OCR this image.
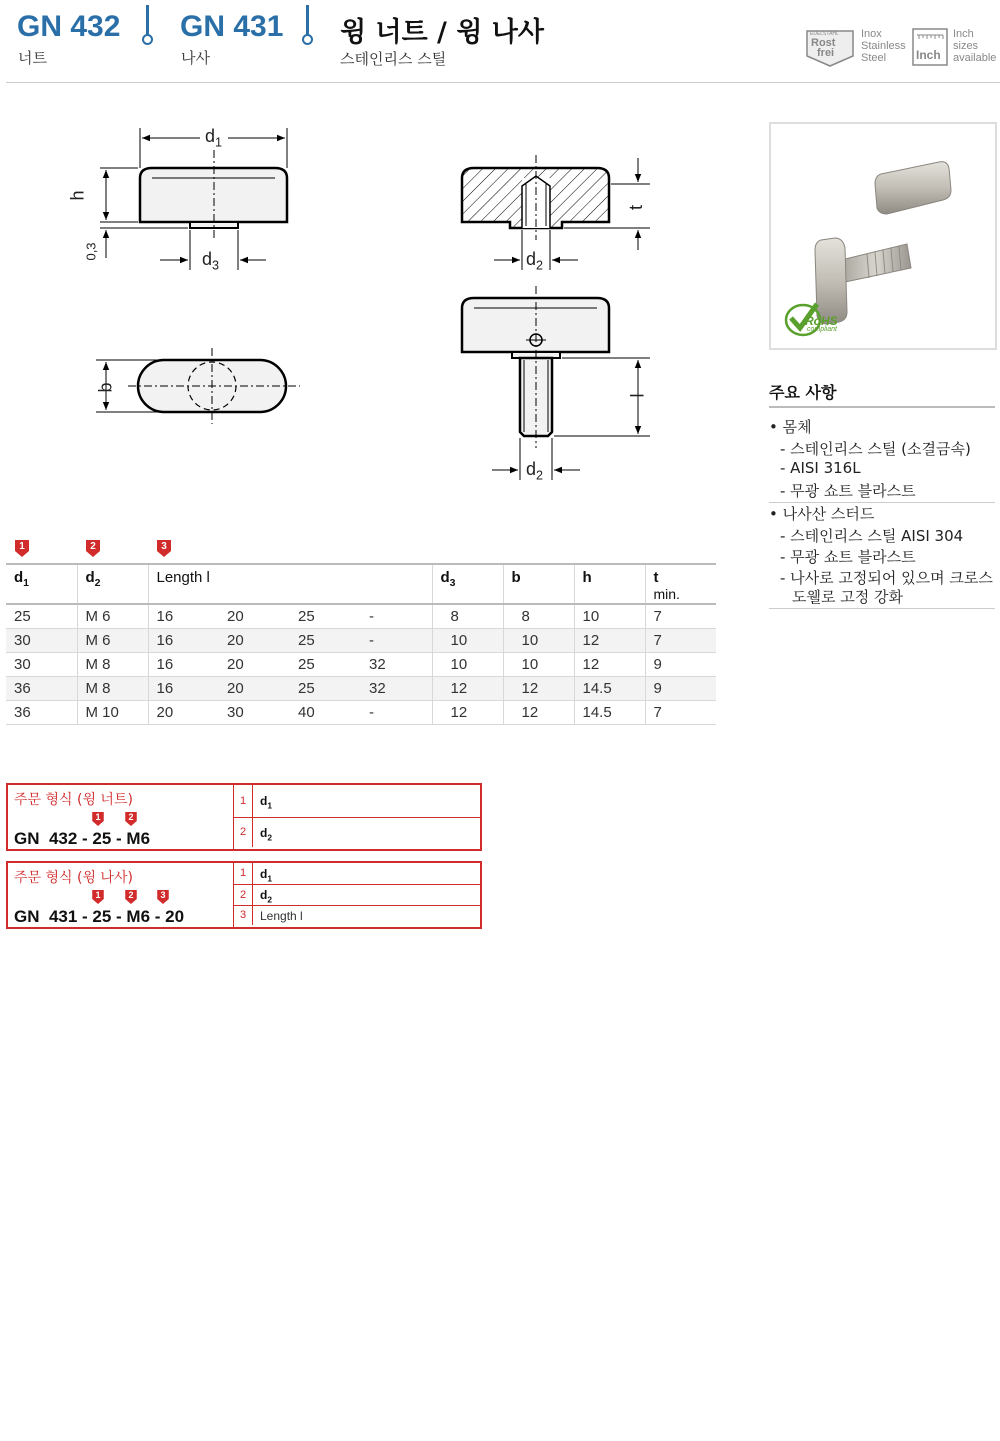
GN 432
너트
GN 431
나사
윙 너트 / 윙 나사
스테인리스 스틸
EDELSTAHL
Rost
frei
Inox
Stainless
Steel	Inch
Inch
sizes
available
$d_1$
h
0,3	$d_3$	$d_2$
t
b
l
$d_2$
RoHS
compliant
주요 사항
• 몸체
- 스테인리스 스틸 (소결금속)
- AISI 316L
- 무광 쇼트 블라스트
• 나사산 스터드
- 스테인리스 스틸 AISI 304
- 무광 쇼트 블라스트
- 나사로 고정되어 있으며 크로스
도웰로 고정 강화
1	2	3
$d_1$	$d_2$	Length l				$d_3$	b	h	t
min.

25	M 6	16	20	25	-	8	8	10	7
30	M 6	16	20	25	-	10	10	12	7
30	M 8	16	20	25	32	10	10	12	9
36	M 8	16	20	25	32	12	12	14.5	9
36	M 10	20	30	40	-	12	12	14.5	7
주문 형식 (윙 너트)
1	2
GN  432 - 25 - M6
1	$d_1$
2	$d_2$
주문 형식 (윙 나사)
1	2	3
GN  431 - 25 - M6 - 20
1	$d_1$
2	$d_2$
3	Length l
